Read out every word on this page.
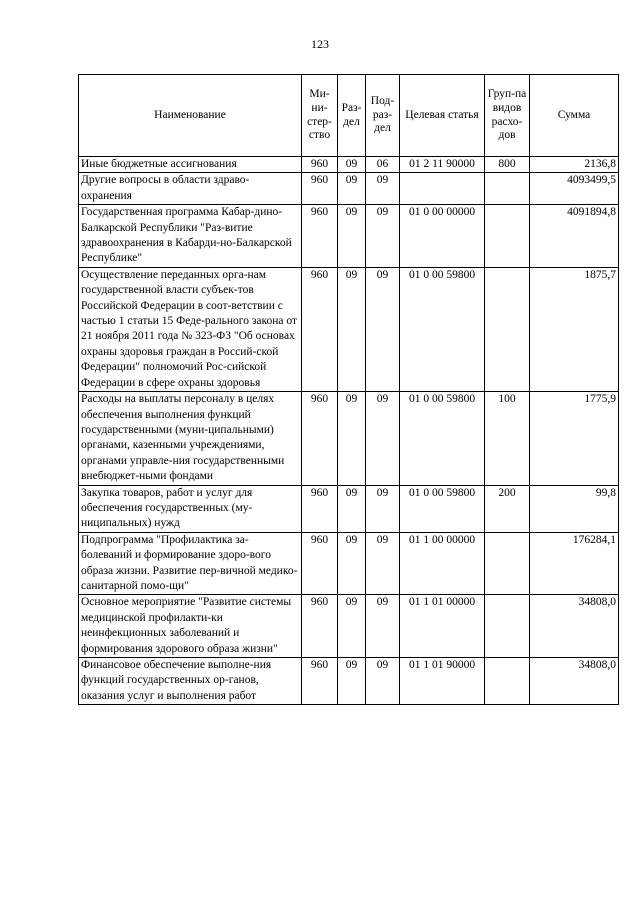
123
Наименование	Ми-ни-стер-ство	Раз-дел	Под-раз-дел	Целевая статья	Груп-па видов расхо-дов	Сумма
Иные бюджетные ассигнования	960	09	06	01 2 11 90000	800	2136,8
Другие вопросы в области здраво-охранения	960	09	09			4093499,5
Государственная программа Кабар-дино-Балкарской Республики "Раз-витие здравоохранения в Кабарди-но-Балкарской Республике"	960	09	09	01 0 00 00000		4091894,8
Осуществление переданных орга-нам государственной власти субъек-тов Российской Федерации в соот-ветствии с частью 1 статьи 15 Феде-рального закона от 21 ноября 2011 года № 323-ФЗ "Об основах охраны здоровья граждан в Россий-ской Федерации" полномочий Рос-сийской Федерации в сфере охраны здоровья	960	09	09	01 0 00 59800		1875,7
Расходы на выплаты персоналу в целях обеспечения выполнения функций государственными (муни-ципальными) органами, казенными учреждениями, органами управле-ния государственными внебюджет-ными фондами	960	09	09	01 0 00 59800	100	1775,9
Закупка товаров, работ и услуг для обеспечения государственных (му-ниципальных) нужд	960	09	09	01 0 00 59800	200	99,8
Подпрограмма "Профилактика за-болеваний и формирование здоро-вого образа жизни. Развитие пер-вичной медико-санитарной помо-щи"	960	09	09	01 1 00 00000		176284,1
Основное мероприятие "Развитие системы медицинской профилакти-ки неинфекционных заболеваний и формирования здорового образа жизни"	960	09	09	01 1 01 00000		34808,0
Финансовое обеспечение выполне-ния функций государственных ор-ганов, оказания услуг и выполнения работ	960	09	09	01 1 01 90000		34808,0
